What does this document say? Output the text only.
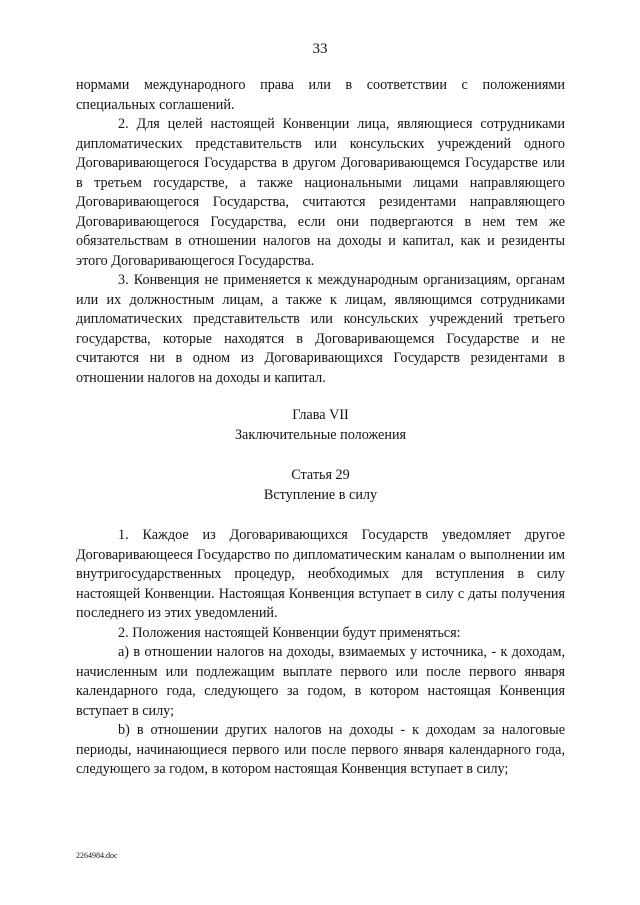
33

нормами международного права или в соответствии с положениями специальных соглашений.

2. Для целей настоящей Конвенции лица, являющиеся сотрудниками дипломатических представительств или консульских учреждений одного Договаривающегося Государства в другом Договаривающемся Государстве или в третьем государстве, а также национальными лицами направляющего Договаривающегося Государства, считаются резидентами направляющего Договаривающегося Государства, если они подвергаются в нем тем же обязательствам в отношении налогов на доходы и капитал, как и резиденты этого Договаривающегося Государства.

3. Конвенция не применяется к международным организациям, органам или их должностным лицам, а также к лицам, являющимся сотрудниками дипломатических представительств или консульских учреждений третьего государства, которые находятся в Договаривающемся Государстве и не считаются ни в одном из Договаривающихся Государств резидентами в отношении налогов на доходы и капитал.

Глава VII

Заключительные положения

Статья 29

Вступление в силу

1. Каждое из Договаривающихся Государств уведомляет другое Договаривающееся Государство по дипломатическим каналам о выполнении им внутригосударственных процедур, необходимых для вступления в силу настоящей Конвенции. Настоящая Конвенция вступает в силу с даты получения последнего из этих уведомлений.

2. Положения настоящей Конвенции будут применяться:

a) в отношении налогов на доходы, взимаемых у источника, - к доходам, начисленным или подлежащим выплате первого или после первого января календарного года, следующего за годом, в котором настоящая Конвенция вступает в силу;

b) в отношении других налогов на доходы - к доходам за налоговые периоды, начинающиеся первого или после первого января календарного года, следующего за годом, в котором настоящая Конвенция вступает в силу;

2264984.doc
